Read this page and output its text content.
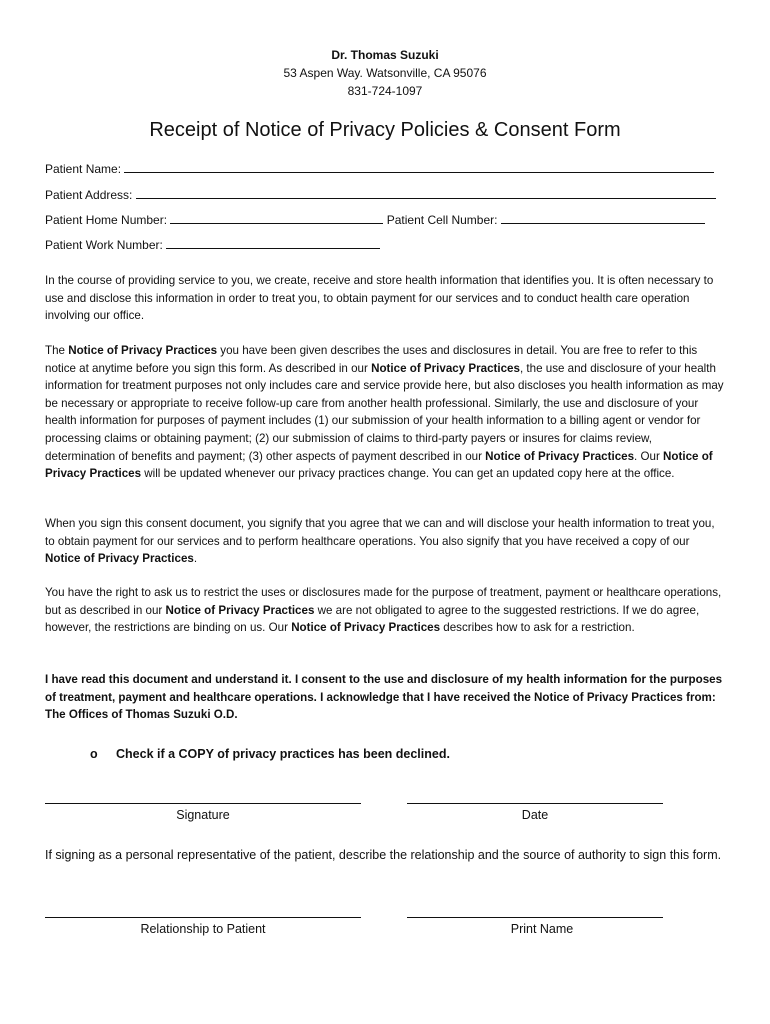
Dr. Thomas Suzuki
53 Aspen Way. Watsonville, CA 95076
831-724-1097
Receipt of Notice of Privacy Policies & Consent Form
Patient Name:
Patient Address:
Patient Home Number:	Patient Cell Number:
Patient Work Number:
In the course of providing service to you, we create, receive and store health information that identifies you. It is often necessary to use and disclose this information in order to treat you, to obtain payment for our services and to conduct health care operation involving our office.
The Notice of Privacy Practices you have been given describes the uses and disclosures in detail. You are free to refer to this notice at anytime before you sign this form. As described in our Notice of Privacy Practices, the use and disclosure of your health information for treatment purposes not only includes care and service provide here, but also discloses you health information as may be necessary or appropriate to receive follow-up care from another health professional. Similarly, the use and disclosure of your health information for purposes of payment includes (1) our submission of your health information to a billing agent or vendor for processing claims or obtaining payment; (2) our submission of claims to third-party payers or insures for claims review, determination of benefits and payment; (3) other aspects of payment described in our Notice of Privacy Practices. Our Notice of Privacy Practices will be updated whenever our privacy practices change. You can get an updated copy here at the office.
When you sign this consent document, you signify that you agree that we can and will disclose your health information to treat you, to obtain payment for our services and to perform healthcare operations. You also signify that you have received a copy of our Notice of Privacy Practices.
You have the right to ask us to restrict the uses or disclosures made for the purpose of treatment, payment or healthcare operations, but as described in our Notice of Privacy Practices we are not obligated to agree to the suggested restrictions. If we do agree, however, the restrictions are binding on us. Our Notice of Privacy Practices describes how to ask for a restriction.
I have read this document and understand it. I consent to the use and disclosure of my health information for the purposes of treatment, payment and healthcare operations. I acknowledge that I have received the Notice of Privacy Practices from: The Offices of Thomas Suzuki O.D.
o Check if a COPY of privacy practices has been declined.
Signature	Date
If signing as a personal representative of the patient, describe the relationship and the source of authority to sign this form.
Relationship to Patient	Print Name
